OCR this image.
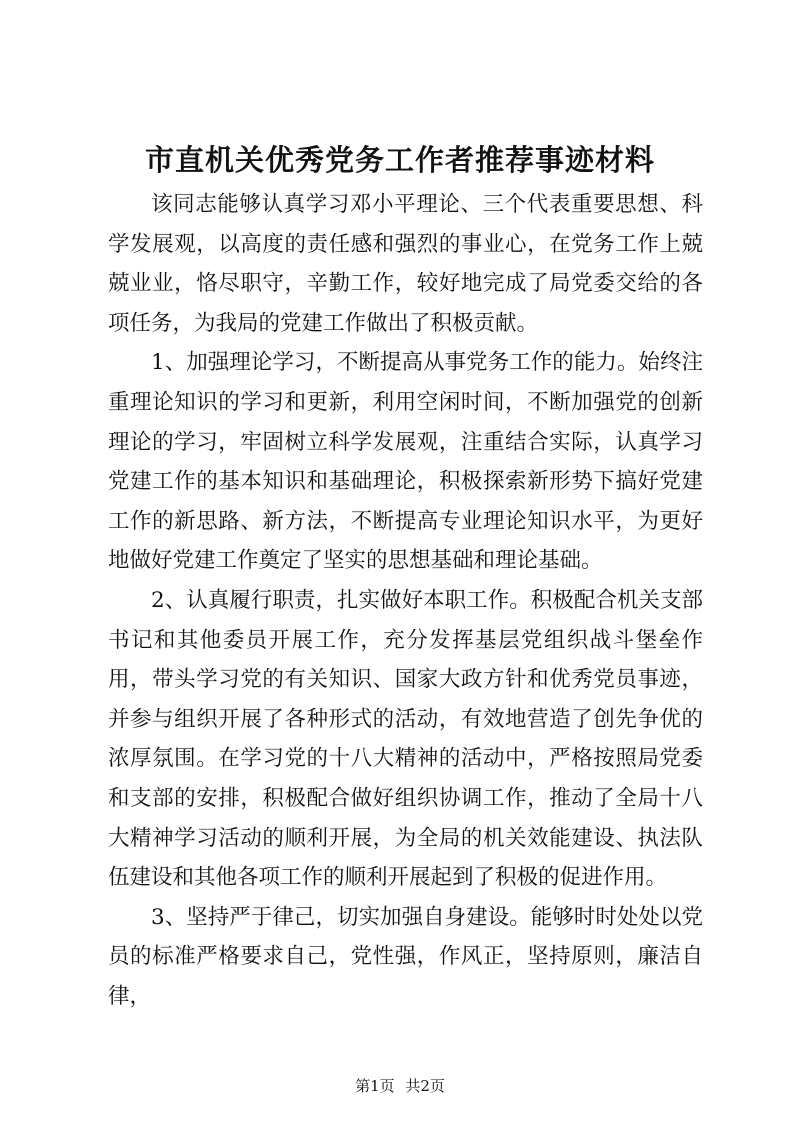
市直机关优秀党务工作者推荐事迹材料

该同志能够认真学习邓小平理论、三个代表重要思想、科学发展观，以高度的责任感和强烈的事业心，在党务工作上兢兢业业，恪尽职守，辛勤工作，较好地完成了局党委交给的各项任务，为我局的党建工作做出了积极贡献。

1、加强理论学习，不断提高从事党务工作的能力。始终注重理论知识的学习和更新，利用空闲时间，不断加强党的创新理论的学习，牢固树立科学发展观，注重结合实际，认真学习党建工作的基本知识和基础理论，积极探索新形势下搞好党建工作的新思路、新方法，不断提高专业理论知识水平，为更好地做好党建工作奠定了坚实的思想基础和理论基础。

2、认真履行职责，扎实做好本职工作。积极配合机关支部书记和其他委员开展工作，充分发挥基层党组织战斗堡垒作用，带头学习党的有关知识、国家大政方针和优秀党员事迹，并参与组织开展了各种形式的活动，有效地营造了创先争优的浓厚氛围。在学习党的十八大精神的活动中，严格按照局党委和支部的安排，积极配合做好组织协调工作，推动了全局十八大精神学习活动的顺利开展，为全局的机关效能建设、执法队伍建设和其他各项工作的顺利开展起到了积极的促进作用。

3、坚持严于律己，切实加强自身建设。能够时时处处以党员的标准严格要求自己，党性强，作风正，坚持原则，廉洁自律，

第1页 共2页
